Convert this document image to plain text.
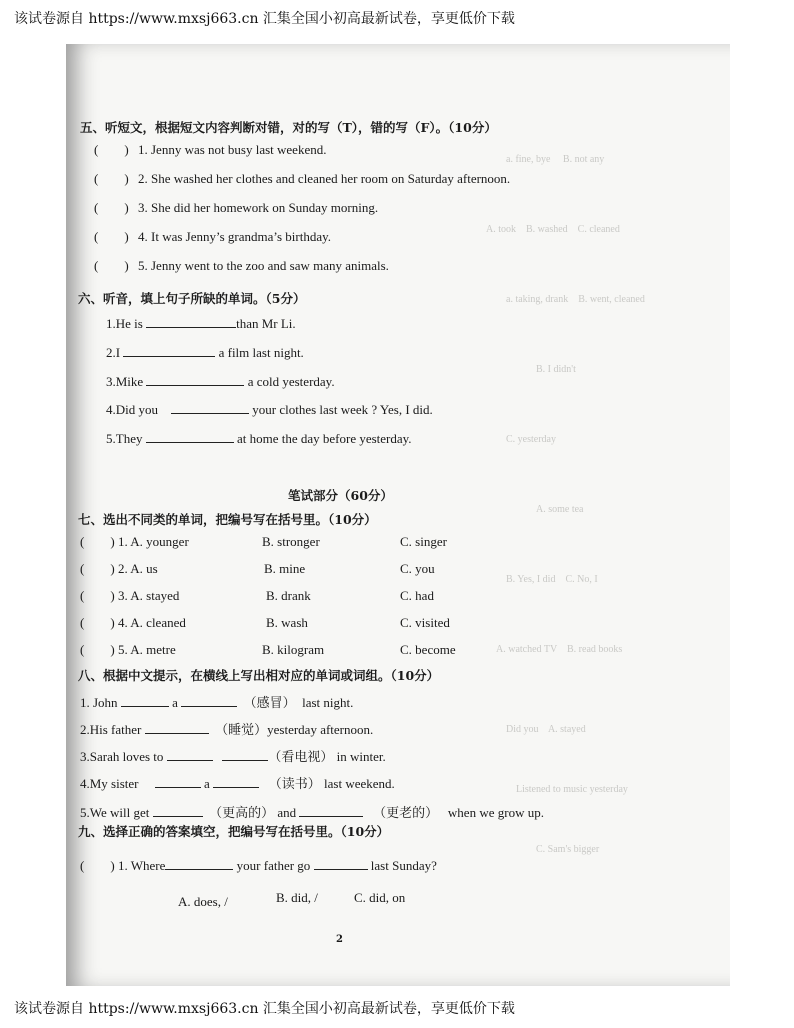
该试卷源自 https://www.mxsj663.cn 汇集全国小初高最新试卷，享更低价下载
a. fine, bye     B. not any
A. took    B. washed    C. cleaned
a. taking, drank    B. went, cleaned
B. I didn't
C. yesterday
A. some tea
B. Yes, I did    C. No, I
A. watched TV    B. read books
Did you    A. stayed
Listened to music yesterday
C. Sam's bigger
五、听短文，根据短文内容判断对错，对的写（T），错的写（F）。（10分）
(        ) 1. Jenny was not busy last weekend.
(        ) 2. She washed her clothes and cleaned her room on Saturday afternoon.
(        ) 3. She did her homework on Sunday morning.
(        ) 4. It was Jenny’s grandma’s birthday.
(        ) 5. Jenny went to the zoo and saw many animals.
六、听音，填上句子所缺的单词。（5分）
1.He is	than Mr Li.
2.I	a film last night.
3.Mike	a cold yesterday.
4.Did you	your clothes last week ? Yes, I did.
5.They	at home the day before yesterday.
笔试部分（60分）
七、选出不同类的单词，把编号写在括号里。（10分）
(        ) 1. A. younger	B. stronger	C. singer
(        ) 2. A. us	B. mine	C. you
(        ) 3. A. stayed	B. drank	C. had
(        ) 4. A. cleaned	B. wash	C. visited
(        ) 5. A. metre	B. kilogram	C. become
八、根据中文提示，在横线上写出相对应的单词或词组。（10分）
1. John	a	（感冒） last night.
2.His father	（睡觉）yesterday afternoon.
3.Sarah loves to	（看电视） in winter.
4.My sister	a	（读书） last weekend.
5.We will get	（更高的） and	（更老的） when we grow up.
九、选择正确的答案填空，把编号写在括号里。（10分）
(        ) 1. Where	your father go	last Sunday?
A. does, /	B. did, /	C. did, on
2
该试卷源自 https://www.mxsj663.cn 汇集全国小初高最新试卷，享更低价下载
